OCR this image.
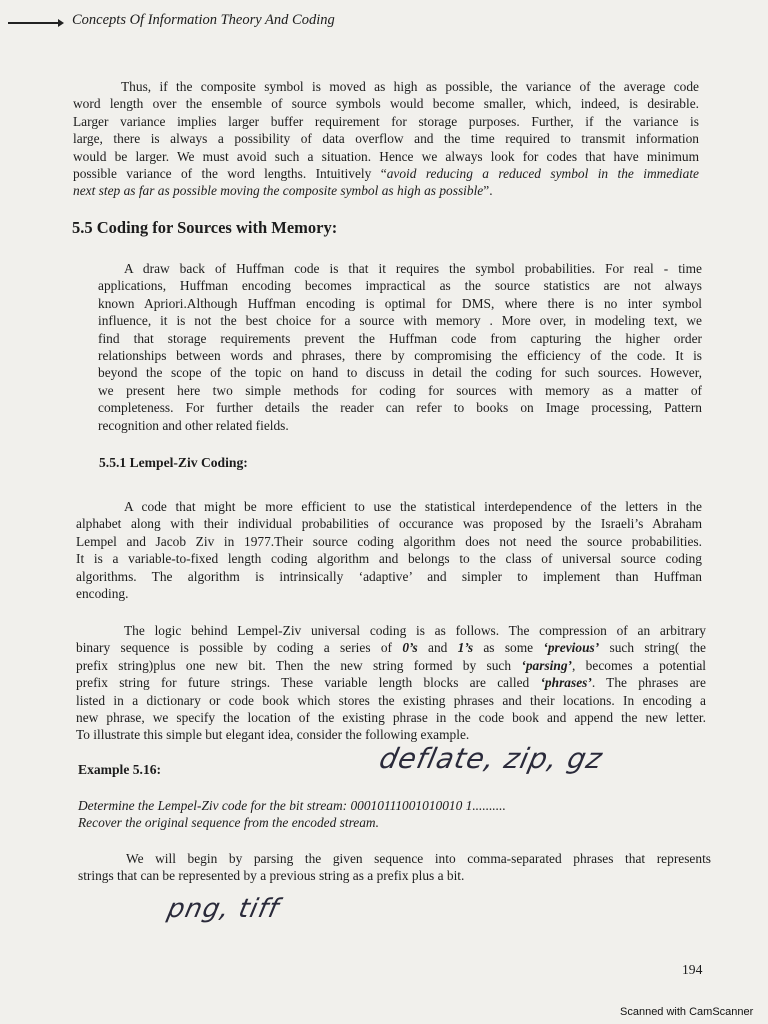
Concepts Of Information Theory And Coding

Thus, if the composite symbol is moved as high as possible, the variance of the average code
word length over the ensemble of source symbols would become smaller, which, indeed, is desirable.
Larger variance implies larger buffer requirement for storage purposes. Further, if the variance is
large, there is always a possibility of data overflow and the time required to transmit information
would be larger. We must avoid such a situation. Hence we always look for codes that have minimum
possible variance of the word lengths. Intuitively “avoid reducing a reduced symbol in the immediate
next step as far as possible moving the composite symbol as high as possible”.

5.5 Coding for Sources with Memory:

A draw back of Huffman code is that it requires the symbol probabilities. For real - time
applications, Huffman encoding becomes impractical as the source statistics are not always
known Apriori.Although Huffman encoding is optimal for DMS, where there is no inter symbol
influence, it is not the best choice for a source with memory . More over, in modeling text, we
find that storage requirements prevent the Huffman code from capturing the higher order
relationships between words and phrases, there by compromising the efficiency of the code. It is
beyond the scope of the topic on hand to discuss in detail the coding for such sources. However,
we present here two simple methods for coding for sources with memory as a matter of
completeness. For further details the reader can refer to books on Image processing, Pattern
recognition and other related fields.

5.5.1 Lempel-Ziv Coding:

A code that might be more efficient to use the statistical interdependence of the letters in the
alphabet along with their individual probabilities of occurance was proposed by the Israeli’s Abraham
Lempel and Jacob Ziv in 1977.Their source coding algorithm does not need the source probabilities.
It is a variable-to-fixed length coding algorithm and belongs to the class of universal source coding
algorithms. The algorithm is intrinsically ‘adaptive’ and simpler to implement than Huffman
encoding.

The logic behind Lempel-Ziv universal coding is as follows. The compression of an arbitrary
binary sequence is possible by coding a series of 0’s and 1’s as some ‘previous’ such string( the
prefix string)plus one new bit. Then the new string formed by such ‘parsing’, becomes a potential
prefix string for future strings. These variable length blocks are called ‘phrases’. The phrases are
listed in a dictionary or code book which stores the existing phrases and their locations. In encoding a
new phrase, we specify the location of the existing phrase in the code book and append the new letter.
To illustrate this simple but elegant idea, consider the following example.

Example 5.16:	deflate, zip, gz

Determine the Lempel-Ziv code for the bit stream: 00010111001010010 1..........
Recover the original sequence from the encoded stream.

We will begin by parsing the given sequence into comma-separated phrases that represents
strings that can be represented by a previous string as a prefix plus a bit.

png, tiff
194
Scanned with CamScanner
